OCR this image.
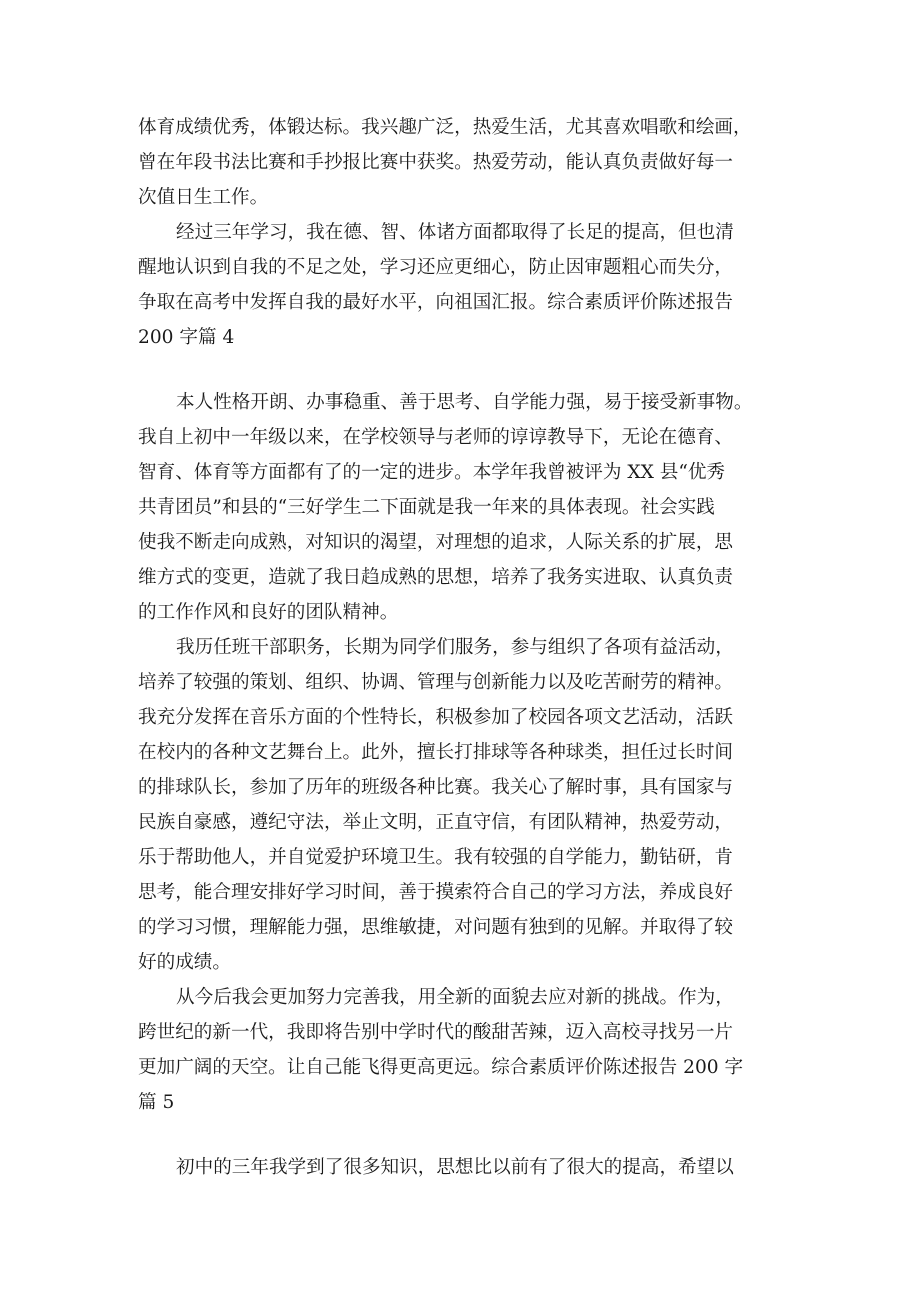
体育成绩优秀，体锻达标。我兴趣广泛，热爱生活，尤其喜欢唱歌和绘画，
曾在年段书法比赛和手抄报比赛中获奖。热爱劳动，能认真负责做好每一
次值日生工作。
经过三年学习，我在德、智、体诸方面都取得了长足的提高，但也清
醒地认识到自我的不足之处，学习还应更细心，防止因审题粗心而失分，
争取在高考中发挥自我的最好水平，向祖国汇报。综合素质评价陈述报告
200 字篇 4
本人性格开朗、办事稳重、善于思考、自学能力强，易于接受新事物。
我自上初中一年级以来，在学校领导与老师的谆谆教导下，无论在德育、
智育、体育等方面都有了的一定的进步。本学年我曾被评为 XX 县“优秀
共青团员”和县的“三好学生二下面就是我一年来的具体表现。社会实践
使我不断走向成熟，对知识的渴望，对理想的追求，人际关系的扩展，思
维方式的变更，造就了我日趋成熟的思想，培养了我务实进取、认真负责
的工作作风和良好的团队精神。
我历任班干部职务，长期为同学们服务，参与组织了各项有益活动，
培养了较强的策划、组织、协调、管理与创新能力以及吃苦耐劳的精神。
我充分发挥在音乐方面的个性特长，积极参加了校园各项文艺活动，活跃
在校内的各种文艺舞台上。此外，擅长打排球等各种球类，担任过长时间
的排球队长，参加了历年的班级各种比赛。我关心了解时事，具有国家与
民族自豪感，遵纪守法，举止文明，正直守信，有团队精神，热爱劳动，
乐于帮助他人，并自觉爱护环境卫生。我有较强的自学能力，勤钻研，肯
思考，能合理安排好学习时间，善于摸索符合自己的学习方法，养成良好
的学习习惯，理解能力强，思维敏捷，对问题有独到的见解。并取得了较
好的成绩。
从今后我会更加努力完善我，用全新的面貌去应对新的挑战。作为，
跨世纪的新一代，我即将告别中学时代的酸甜苦辣，迈入高校寻找另一片
更加广阔的天空。让自己能飞得更高更远。综合素质评价陈述报告 200 字
篇 5
初中的三年我学到了很多知识，思想比以前有了很大的提高，希望以
